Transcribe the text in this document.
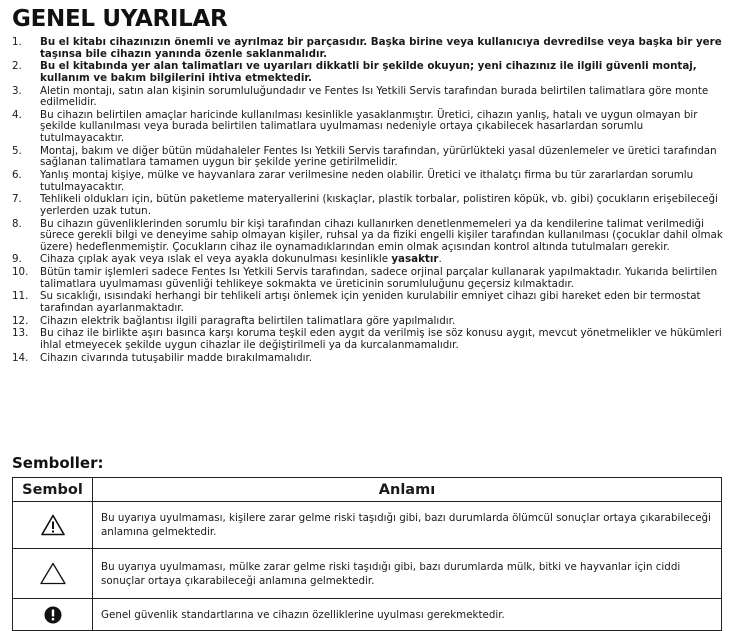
GENEL UYARILAR
1.	Bu el kitabı cihazınızın önemli ve ayrılmaz bir parçasıdır. Başka birine veya kullanıcıya devredilse veya başka bir yere taşınsa bile cihazın yanında özenle saklanmalıdır.
2.	Bu el kitabında yer alan talimatları ve uyarıları dikkatli bir şekilde okuyun; yeni cihazınız ile ilgili güvenli montaj, kullanım ve bakım bilgilerini ihtiva etmektedir.
3.	Aletin montajı, satın alan kişinin sorumluluğundadır ve Fentes Isı Yetkili Servis tarafından burada belirtilen talimatlara göre monte edilmelidir.
4.	Bu cihazın belirtilen amaçlar haricinde kullanılması kesinlikle yasaklanmıştır. Üretici, cihazın yanlış, hatalı ve uygun olmayan bir şekilde kullanılması veya burada belirtilen talimatlara uyulmaması nedeniyle ortaya çıkabilecek hasarlardan sorumlu tutulmayacaktır.
5.	Montaj, bakım ve diğer bütün müdahaleler Fentes Isı Yetkili Servis tarafından, yürürlükteki yasal düzenlemeler ve üretici tarafından sağlanan talimatlara tamamen uygun bir şekilde yerine getirilmelidir.
6.	Yanlış montaj kişiye, mülke ve hayvanlara zarar verilmesine neden olabilir. Üretici ve ithalatçı firma bu tür zararlardan sorumlu tutulmayacaktır.
7.	Tehlikeli oldukları için, bütün paketleme materyallerini (kıskaçlar, plastik torbalar, polistiren köpük, vb. gibi) çocukların erişebileceği yerlerden uzak tutun.
8.	Bu cihazın güvenliklerinden sorumlu bir kişi tarafından cihazı kullanırken denetlenmemeleri ya da kendilerine talimat verilmediği sürece gerekli bilgi ve deneyime sahip olmayan kişiler, ruhsal ya da fiziki engelli kişiler tarafından kullanılması (çocuklar dahil olmak üzere) hedeflenmemiştir. Çocukların cihaz ile oynamadıklarından emin olmak açısından kontrol altında tutulmaları gerekir.
9.	Cihaza çıplak ayak veya ıslak el veya ayakla dokunulması kesinlikle yasaktır.
10.	Bütün tamir işlemleri sadece Fentes Isı Yetkili Servis tarafından, sadece orjinal parçalar kullanarak yapılmaktadır. Yukarıda belirtilen talimatlara uyulmaması güvenliği tehlikeye sokmakta ve üreticinin sorumluluğunu geçersiz kılmaktadır.
11.	Su sıcaklığı, ısısındaki herhangi bir tehlikeli artışı önlemek için yeniden kurulabilir emniyet cihazı gibi hareket eden bir termostat tarafından ayarlanmaktadır.
12.	Cihazın elektrik bağlantısı ilgili paragrafta belirtilen talimatlara göre yapılmalıdır.
13.	Bu cihaz ile birlikte aşırı basınca karşı koruma teşkil eden aygıt da verilmiş ise söz konusu aygıt, mevcut yönetmelikler ve hükümleri ihlal etmeyecek şekilde uygun cihazlar ile değiştirilmeli ya da kurcalanmamalıdır.
14.	Cihazın civarında tutuşabilir madde bırakılmamalıdır.
Semboller:
Sembol	Anlamı

	Bu uyarıya uyulmaması, kişilere zarar gelme riski taşıdığı gibi, bazı durumlarda ölümcül sonuçlar ortaya çıkarabileceği anlamına gelmektedir.

	Bu uyarıya uyulmaması, mülke zarar gelme riski taşıdığı gibi, bazı durumlarda mülk, bitki ve hayvanlar için ciddi sonuçlar ortaya çıkarabileceği anlamına gelmektedir.

	Genel güvenlik standartlarına ve cihazın özelliklerine uyulması gerekmektedir.
